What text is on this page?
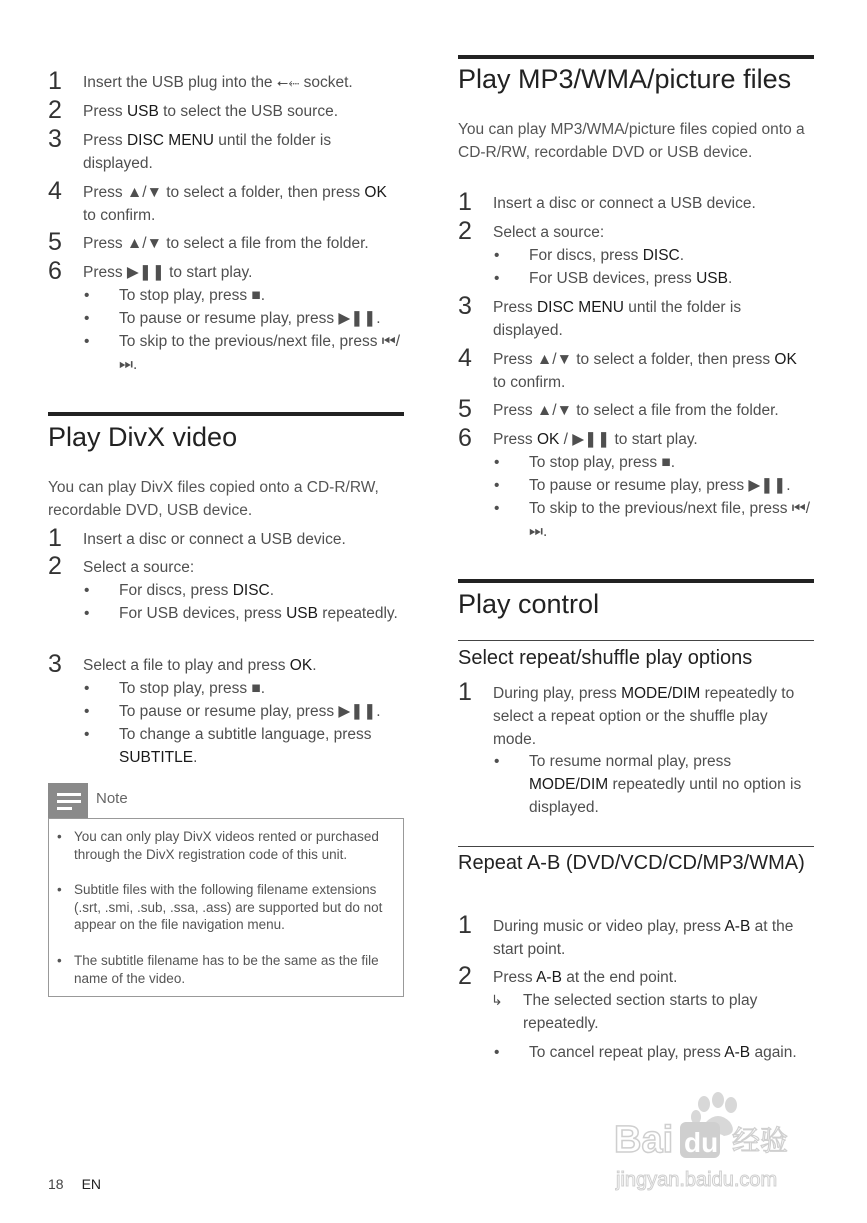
1 Insert the USB plug into the ⭠⬸ socket.
2 Press USB to select the USB source.
3 Press DISC MENU until the folder is displayed.
4 Press ▲/▼ to select a folder, then press OK to confirm.
5 Press ▲/▼ to select a file from the folder.
6 Press ▶❚❚ to start play.
• To stop play, press ■.
• To pause or resume play, press ▶❚❚.
• To skip to the previous/next file, press ⏮/⏭.
Play DivX video
You can play DivX files copied onto a CD-R/RW, recordable DVD, USB device.
1 Insert a disc or connect a USB device.
2 Select a source:
• For discs, press DISC.
• For USB devices, press USB repeatedly.
3 Select a file to play and press OK.
• To stop play, press ■.
• To pause or resume play, press ▶❚❚.
• To change a subtitle language, press SUBTITLE.
Note
• You can only play DivX videos rented or purchased through the DivX registration code of this unit.
• Subtitle files with the following filename extensions (.srt, .smi, .sub, .ssa, .ass) are supported but do not appear on the file navigation menu.
• The subtitle filename has to be the same as the file name of the video.
Play MP3/WMA/picture files
You can play MP3/WMA/picture files copied onto a CD-R/RW, recordable DVD or USB device.
1 Insert a disc or connect a USB device.
2 Select a source:
• For discs, press DISC.
• For USB devices, press USB.
3 Press DISC MENU until the folder is displayed.
4 Press ▲/▼ to select a folder, then press OK to confirm.
5 Press ▲/▼ to select a file from the folder.
6 Press OK / ▶❚❚ to start play.
• To stop play, press ■.
• To pause or resume play, press ▶❚❚.
• To skip to the previous/next file, press ⏮/⏭.
Play control
Select repeat/shuffle play options
1 During play, press MODE/DIM repeatedly to select a repeat option or the shuffle play mode.
• To resume normal play, press MODE/DIM repeatedly until no option is displayed.
Repeat A-B (DVD/VCD/CD/MP3/WMA)
1 During music or video play, press A-B at the start point.
2 Press A-B at the end point.
↳ The selected section starts to play repeatedly.
• To cancel repeat play, press A-B again.
18 EN
Bai du 经验
jingyan.baidu.com
